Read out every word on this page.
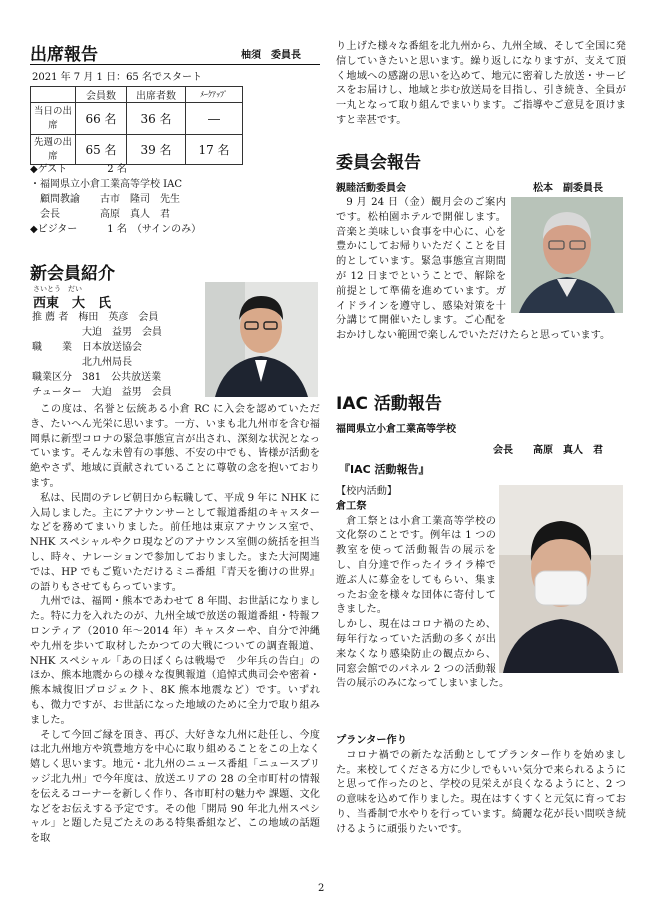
出席報告	柚須　委員長
2021 年 7 月 1 日：65 名でスタート
	会員数	出席者数	ﾒｰｸｱｯﾌﾟ
当日の出席	66 名	36 名	―
先週の出席	65 名	39 名	17 名
◆ゲスト　　　　2 名
・福岡県立小倉工業高等学校 IAC
　顧問教諭　　古市　隆司　先生
　会長　　　　高原　真人　君
◆ビジター　　　1 名　（サインのみ）
新会員紹介
さいとう　だい
西東　大　氏
推 薦 者　梅田　英彦　会員
　　　　　大迫　益男　会員
職　　業　日本放送協会
　　　　　北九州局長
職業区分　381　公共放送業
チューター　大迫　益男　会員

この度は、名誉と伝統ある小倉 RC に入会を認めていただき、たいへん光栄に思います。一方、いまも北九州市を含む福岡県に新型コロナの緊急事態宣言が出され、深刻な状況となっています。そんな未曾有の事態、不安の中でも、皆様が活動を絶やさず、地域に貢献されていることに尊敬の念を抱いております。

私は、民間のテレビ朝日から転職して、平成 9 年に NHK に入局しました。主にアナウンサーとして報道番組のキャスターなどを務めてまいりました。前任地は東京アナウンス室で、NHK スペシャルやクロ現などのアナウンス室側の統括を担当し、時々、ナレーションで参加しておりました。また大河関連では、HP でもご覧いただけるミニ番組『青天を衝けの世界』の語りもさせてもらっています。

九州では、福岡・熊本であわせて 8 年間、お世話になりました。特に力を入れたのが、九州全域で放送の報道番組・特報フロンティア（2010 年～2014 年）キャスターや、自分で沖縄や九州を歩いて取材したかつての大戦についての調査報道、NHK スペシャル「あの日ぼくらは戦場で　少年兵の告白」のほか、熊本地震からの様々な復興報道（追悼式典司会や密着・熊本城復旧プロジェクト、8K 熊本地震など）です。いずれも、微力ですが、お世話になった地域のために全力で取り組みました。

そして今回ご縁を頂き、再び、大好きな九州に赴任し、今度は北九州地方や筑豊地方を中心に取り組めることをこの上なく嬉しく思います。地元・北九州のニュース番組「ニュースブリッジ北九州」で今年度は、放送エリアの 28 の全市町村の情報を伝えるコーナーを新しく作り、各市町村の魅力や 課題、文化などをお伝えする予定です。その他「開局 90 年北九州スペシャル」と題した見ごたえのある特集番組など、この地域の話題を取

り上げた様々な番組を北九州から、九州全域、そして全国に発信していきたいと思います。繰り返しになりますが、支えて頂く地域への感謝の思いを込めて、地元に密着した放送・サービスをお届けし、地域と歩む放送局を目指し、引き続き、全員が一丸となって取り組んでまいります。ご指導やご意見を頂けますと幸甚です。
委員会報告
親睦活動委員会	松本　副委員長

9 月 24 日（金）観月会のご案内です。松柏園ホテルで開催します。音楽と美味しい食事を中心に、心を豊かにしてお帰りいただくことを目的としています。緊急事態宣言期間が 12 日までということで、解除を前提として準備を進めています。ガイドラインを遵守し、感染対策を十分講じて開催いたします。ご心配をおかけしない範囲で楽しんでいただけたらと思っています。

IAC 活動報告
福岡県立小倉工業高等学校
会長　　高原　真人　君
『IAC 活動報告』
【校内活動】
倉工祭

倉工祭とは小倉工業高等学校の文化祭のことです。例年は 1 つの教室を使って活動報告の展示をし、自分達で作ったイライラ棒で遊ぶ人に募金をしてもらい、集まったお金を様々な団体に寄付してきました。

しかし、現在はコロナ禍のため、毎年行なっていた活動の多くが出来なくなり感染防止の観点から、同窓会館でのパネル 2 つの活動報告の展示のみになってしまいました。
プランター作り

コロナ禍での新たな活動としてプランター作りを始めました。来校してくださる方に少しでもいい気分で来られるようにと思って作ったのと、学校の見栄えが良くなるようにと、2 つの意味を込めて作りました。現在はすくすくと元気に育っており、当番制で水やりを行っています。綺麗な花が長い間咲き続けるように頑張りたいです。

2
